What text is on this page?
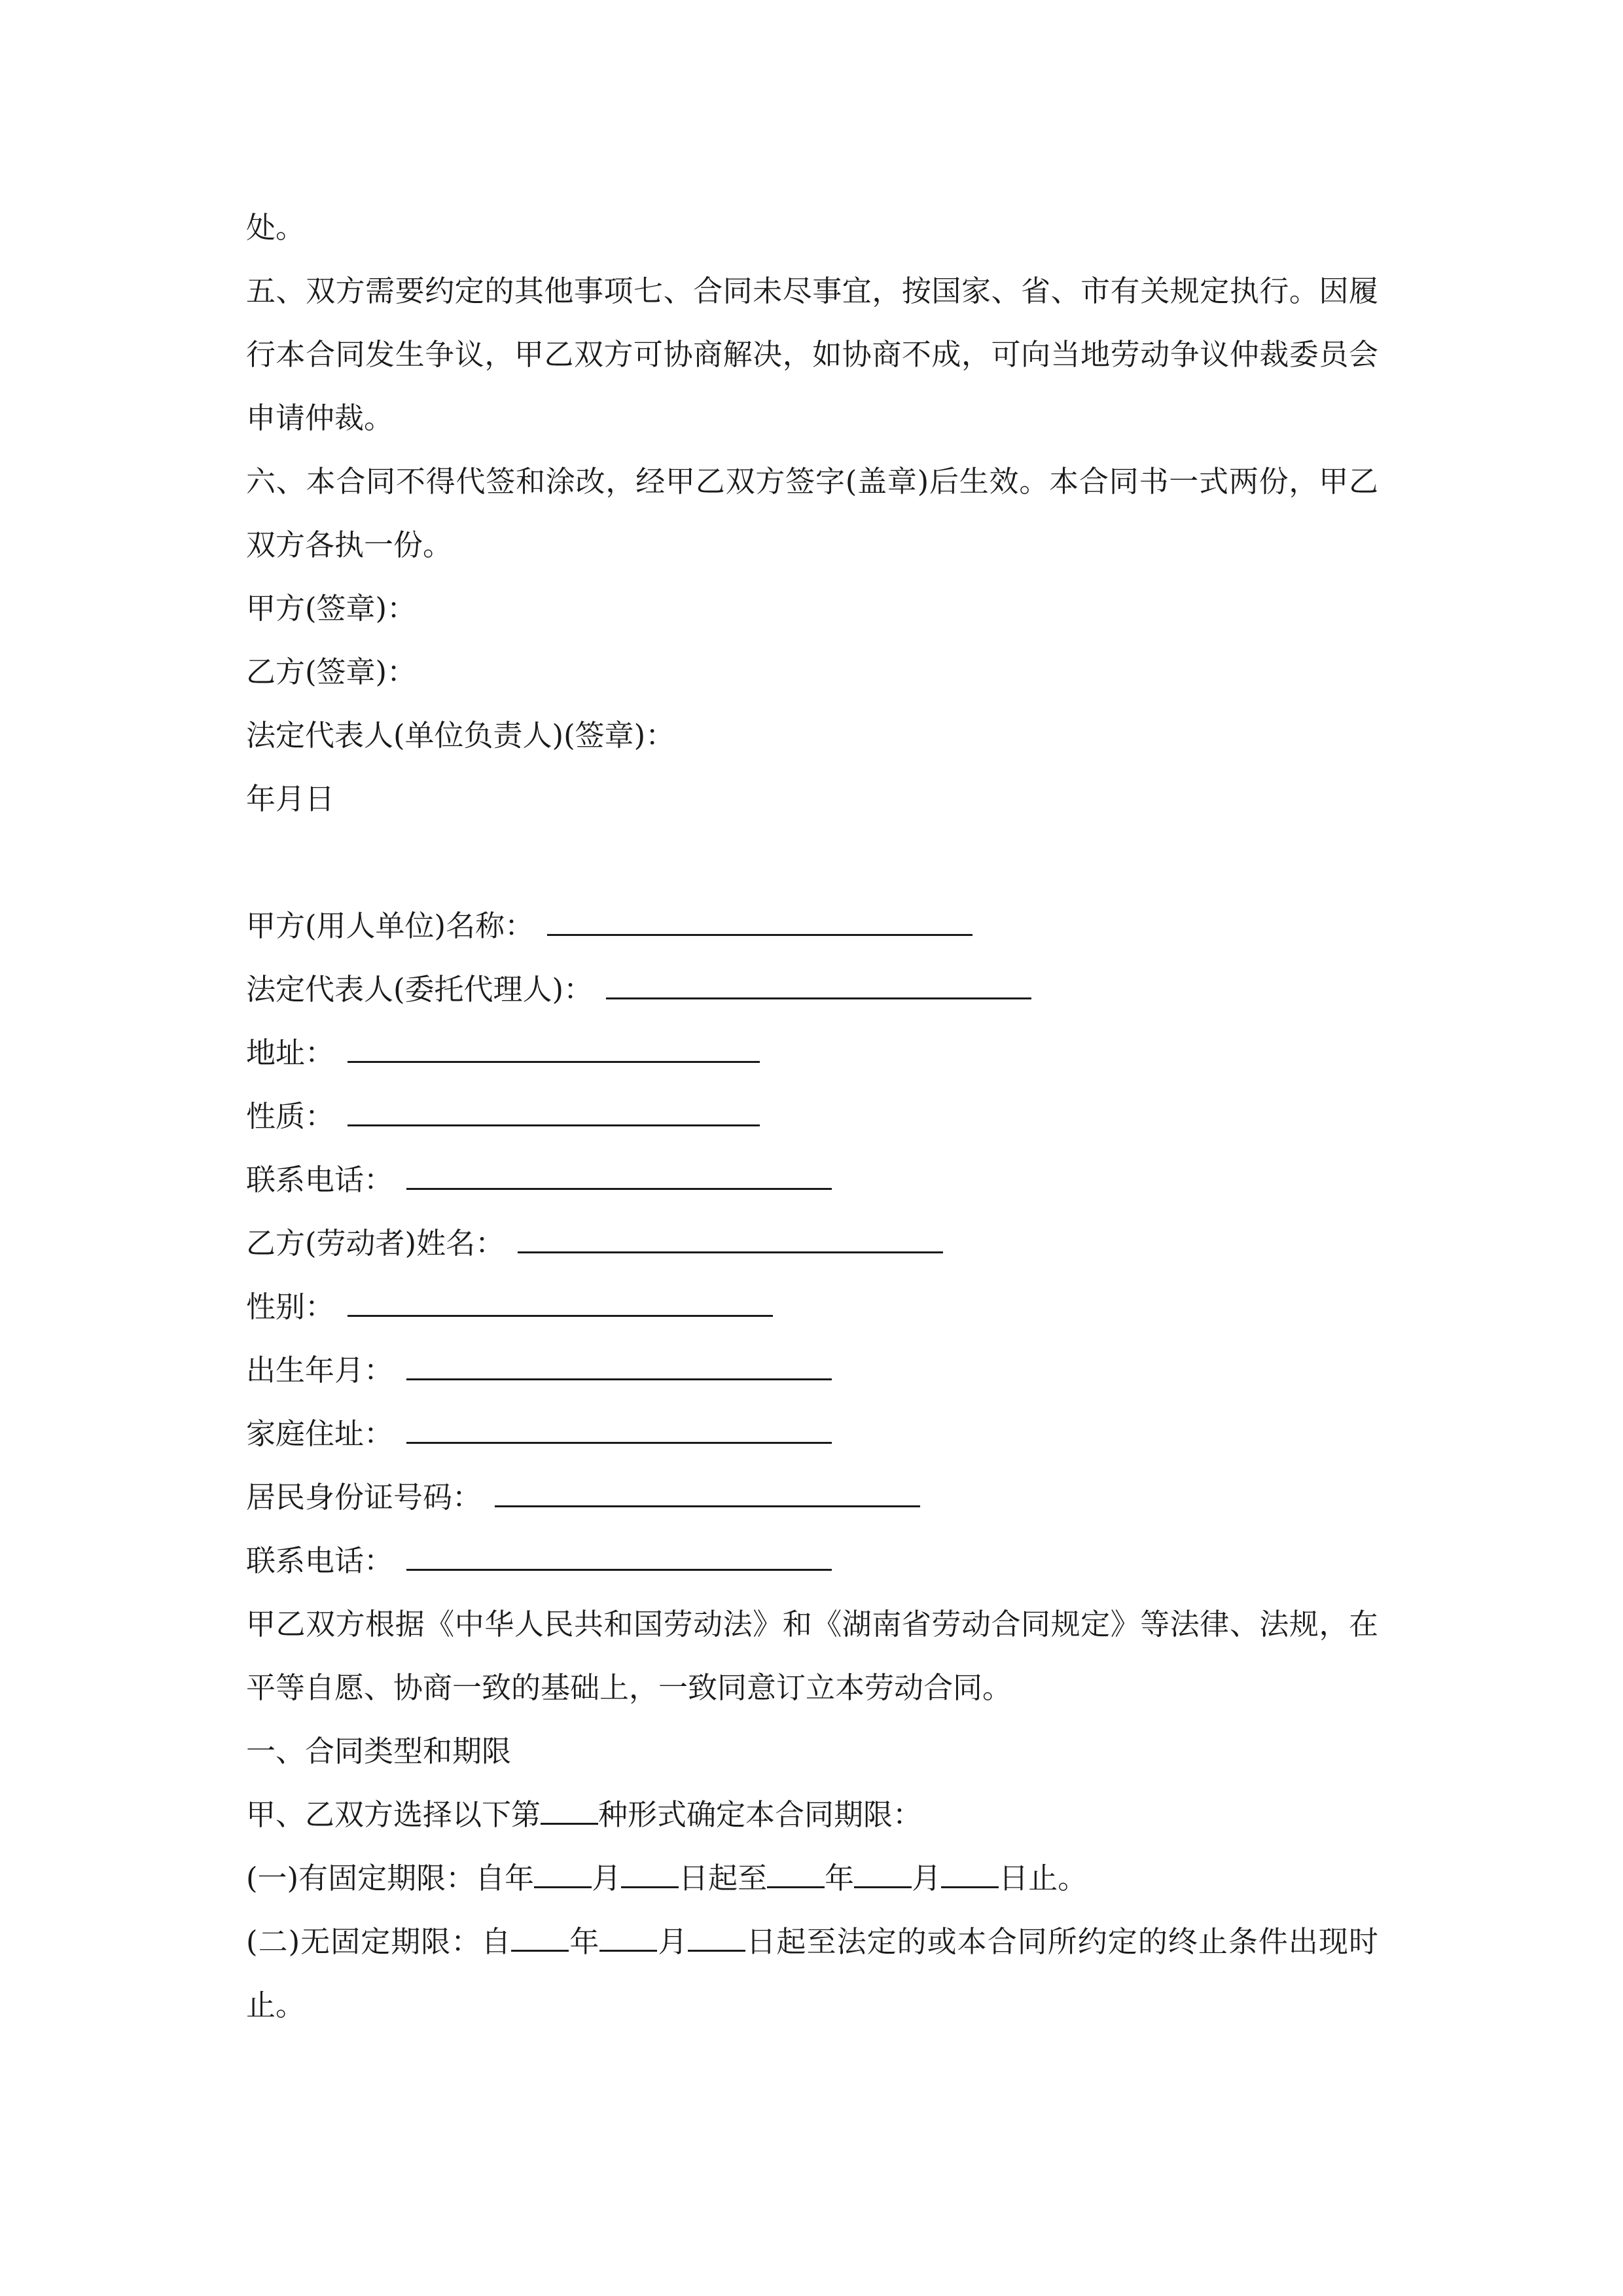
处。

五、双方需要约定的其他事项七、合同未尽事宜，按国家、省、市有关规定执行。因履行本合同发生争议，甲乙双方可协商解决，如协商不成，可向当地劳动争议仲裁委员会申请仲裁。

六、本合同不得代签和涂改，经甲乙双方签字(盖章)后生效。本合同书一式两份，甲乙双方各执一份。

甲方(签章)：

乙方(签章)：

法定代表人(单位负责人)(签章)：

年月日

甲方(用人单位)名称：
法定代表人(委托代理人)：
地址：
性质：
联系电话：
乙方(劳动者)姓名：
性别：
出生年月：
家庭住址：
居民身份证号码：
联系电话：

甲乙双方根据《中华人民共和国劳动法》和《湖南省劳动合同规定》等法律、法规，在平等自愿、协商一致的基础上，一致同意订立本劳动合同。

一、合同类型和期限

甲、乙双方选择以下第 种形式确定本合同期限：

(一)有固定期限：自年 月 日起至 年 月 日止。

(二)无固定期限：自 年 月 日起至法定的或本合同所约定的终止条件出现时止。
